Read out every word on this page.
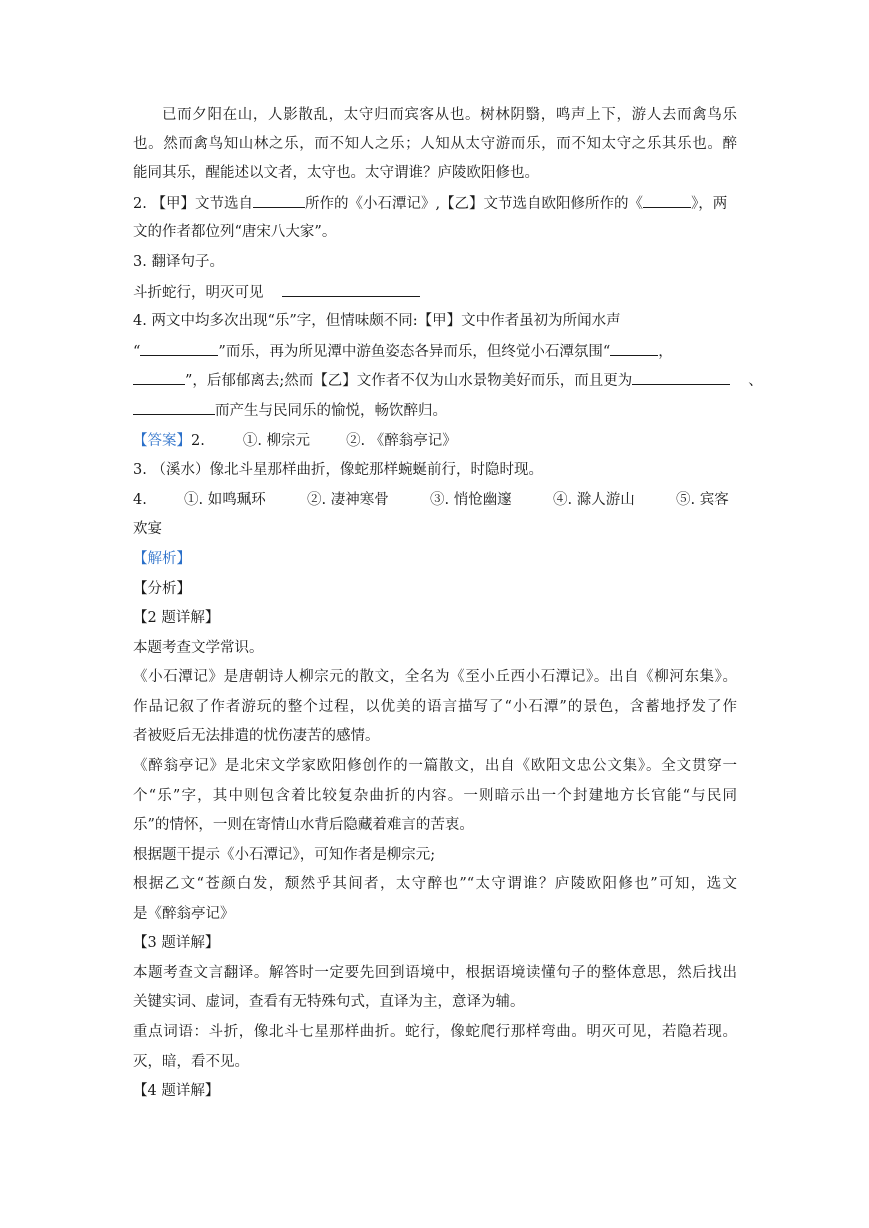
已而夕阳在山，人影散乱，太守归而宾客从也。树林阴翳，鸣声上下，游人去而禽鸟乐
也。然而禽鸟知山林之乐，而不知人之乐；人知从太守游而乐，而不知太守之乐其乐也。醉
能同其乐，醒能述以文者，太守也。太守谓谁？庐陵欧阳修也。
2. 【甲】文节选自	所作的《小石潭记》,【乙】文节选自欧阳修所作的《	》，两
文的作者都位列“唐宋八大家”。
3. 翻译句子。
斗折蛇行，明灭可见
4. 两文中均多次出现“乐”字，但情味颇不同:【甲】文中作者虽初为所闻水声
“	”而乐，再为所见潭中游鱼姿态各异而乐，但终觉小石潭氛围“	，
”，后郁郁离去;然而【乙】文作者不仅为山水景物美好而乐，而且更为	、
而产生与民同乐的愉悦，畅饮醉归。
【答案】2.	①. 柳宗元 ②. 《醉翁亭记》
3. （溪水）像北斗星那样曲折，像蛇那样蜿蜒前行，时隐时现。
4.	①. 如鸣珮环	②. 凄神寒骨	③. 悄怆幽邃	④. 滁人游山	⑤. 宾客
欢宴
【解析】
【分析】
【2 题详解】
本题考查文学常识。
《小石潭记》是唐朝诗人柳宗元的散文，全名为《至小丘西小石潭记》。出自《柳河东集》。
作品记叙了作者游玩的整个过程，以优美的语言描写了“小石潭”的景色，含蓄地抒发了作
者被贬后无法排遣的忧伤凄苦的感情。
《醉翁亭记》是北宋文学家欧阳修创作的一篇散文，出自《欧阳文忠公文集》。全文贯穿一
个“乐”字，其中则包含着比较复杂曲折的内容。一则暗示出一个封建地方长官能“与民同
乐”的情怀，一则在寄情山水背后隐藏着难言的苦衷。
根据题干提示《小石潭记》，可知作者是柳宗元;
根据乙文“苍颜白发，颓然乎其间者，太守醉也”“太守谓谁？庐陵欧阳修也”可知，选文
是《醉翁亭记》
【3 题详解】
本题考查文言翻译。解答时一定要先回到语境中，根据语境读懂句子的整体意思，然后找出
关键实词、虚词，查看有无特殊句式，直译为主，意译为辅。
重点词语：斗折，像北斗七星那样曲折。蛇行，像蛇爬行那样弯曲。明灭可见，若隐若现。
灭，暗，看不见。
【4 题详解】
